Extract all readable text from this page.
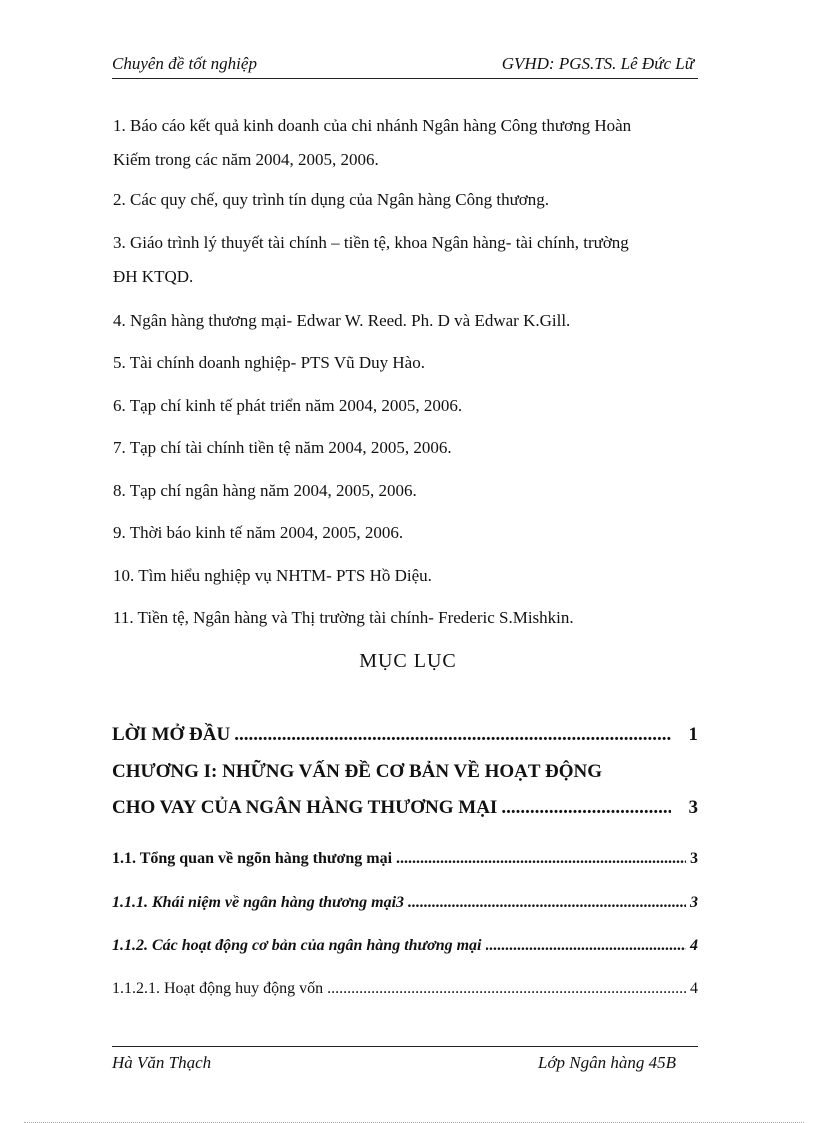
Chuyên đề tốt nghiệp	GVHD: PGS.TS. Lê Đức Lữ
1. Báo cáo kết quả kinh doanh của chi nhánh Ngân hàng Công thương Hoàn
Kiếm trong các năm 2004, 2005, 2006.
2. Các quy chế, quy trình tín dụng của Ngân hàng Công thương.
3. Giáo trình lý thuyết tài chính – tiền tệ, khoa Ngân hàng- tài chính, trường
ĐH KTQD.
4. Ngân hàng thương mại- Edwar W. Reed. Ph. D và Edwar K.Gill.
5. Tài chính doanh nghiệp- PTS Vũ Duy Hào.
6. Tạp chí kinh tế phát triển năm 2004, 2005, 2006.
7. Tạp chí tài chính tiền tệ năm 2004, 2005, 2006.
8. Tạp chí ngân hàng năm 2004, 2005, 2006.
9. Thời báo kinh tế năm 2004, 2005, 2006.
10. Tìm hiểu nghiệp vụ NHTM- PTS Hồ Diệu.
11. Tiền tệ, Ngân hàng và Thị trường tài chính- Frederic S.Mishkin.
MỤC LỤC
LỜI MỞ ĐẦU .....	1
CHƯƠNG I: NHỮNG VẤN ĐỀ CƠ BẢN VỀ HOẠT ĐỘNG
CHO VAY CỦA NGÂN HÀNG THƯƠNG MẠI .....	3
1.1. Tổng quan về ngõn hàng thương mại .....	3
1.1.1. Khái niệm về ngân hàng thương mại3 .....	3
1.1.2. Các hoạt động cơ bản của ngân hàng thương mại .....	4
1.1.2.1. Hoạt động huy động vốn .....	4
Hà Văn Thạch	Lớp Ngân hàng 45B
